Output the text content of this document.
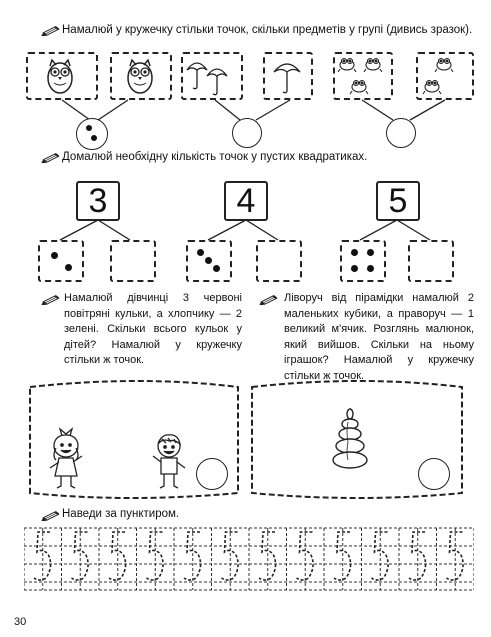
Намалюй у кружечку стільки точок, скільки предметів у групі (дивись зразок).
Домалюй необхідну кількість точок у пустих квадратиках.
3	4	5
Намалюй дівчинці 3 червоні повітряні кульки, а хлопчику — 2 зелені. Скільки всього кульок у дітей? Намалюй у кружечку стільки ж точок.
Ліворуч від пірамідки намалюй 2 маленьких кубики, а праворуч — 1 великий м'ячик. Розглянь малюнок, який вийшов. Скільки на ньому іграшок? Намалюй у кружечку стільки ж точок.
Наведи за пунктиром.
30
